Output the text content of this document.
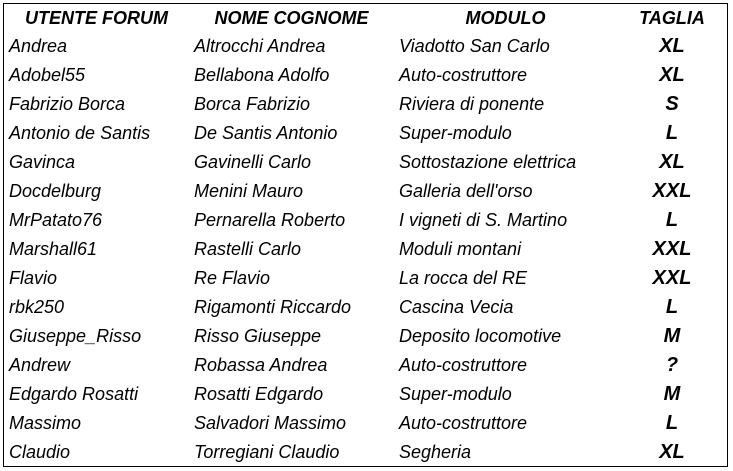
UTENTE FORUM	NOME COGNOME	MODULO	TAGLIA
Andrea	Altrocchi Andrea	Viadotto San Carlo	XL
Adobel55	Bellabona Adolfo	Auto-costruttore	XL
Fabrizio Borca	Borca Fabrizio	Riviera di ponente	S
Antonio de Santis	De Santis Antonio	Super-modulo	L
Gavinca	Gavinelli Carlo	Sottostazione elettrica	XL
Docdelburg	Menini Mauro	Galleria dell'orso	XXL
MrPatato76	Pernarella Roberto	I vigneti di S. Martino	L
Marshall61	Rastelli Carlo	Moduli montani	XXL
Flavio	Re Flavio	La rocca del RE	XXL
rbk250	Rigamonti Riccardo	Cascina Vecia	L
Giuseppe_Risso	Risso Giuseppe	Deposito locomotive	M
Andrew	Robassa Andrea	Auto-costruttore	?
Edgardo Rosatti	Rosatti Edgardo	Super-modulo	M
Massimo	Salvadori Massimo	Auto-costruttore	L
Claudio	Torregiani Claudio	Segheria	XL
